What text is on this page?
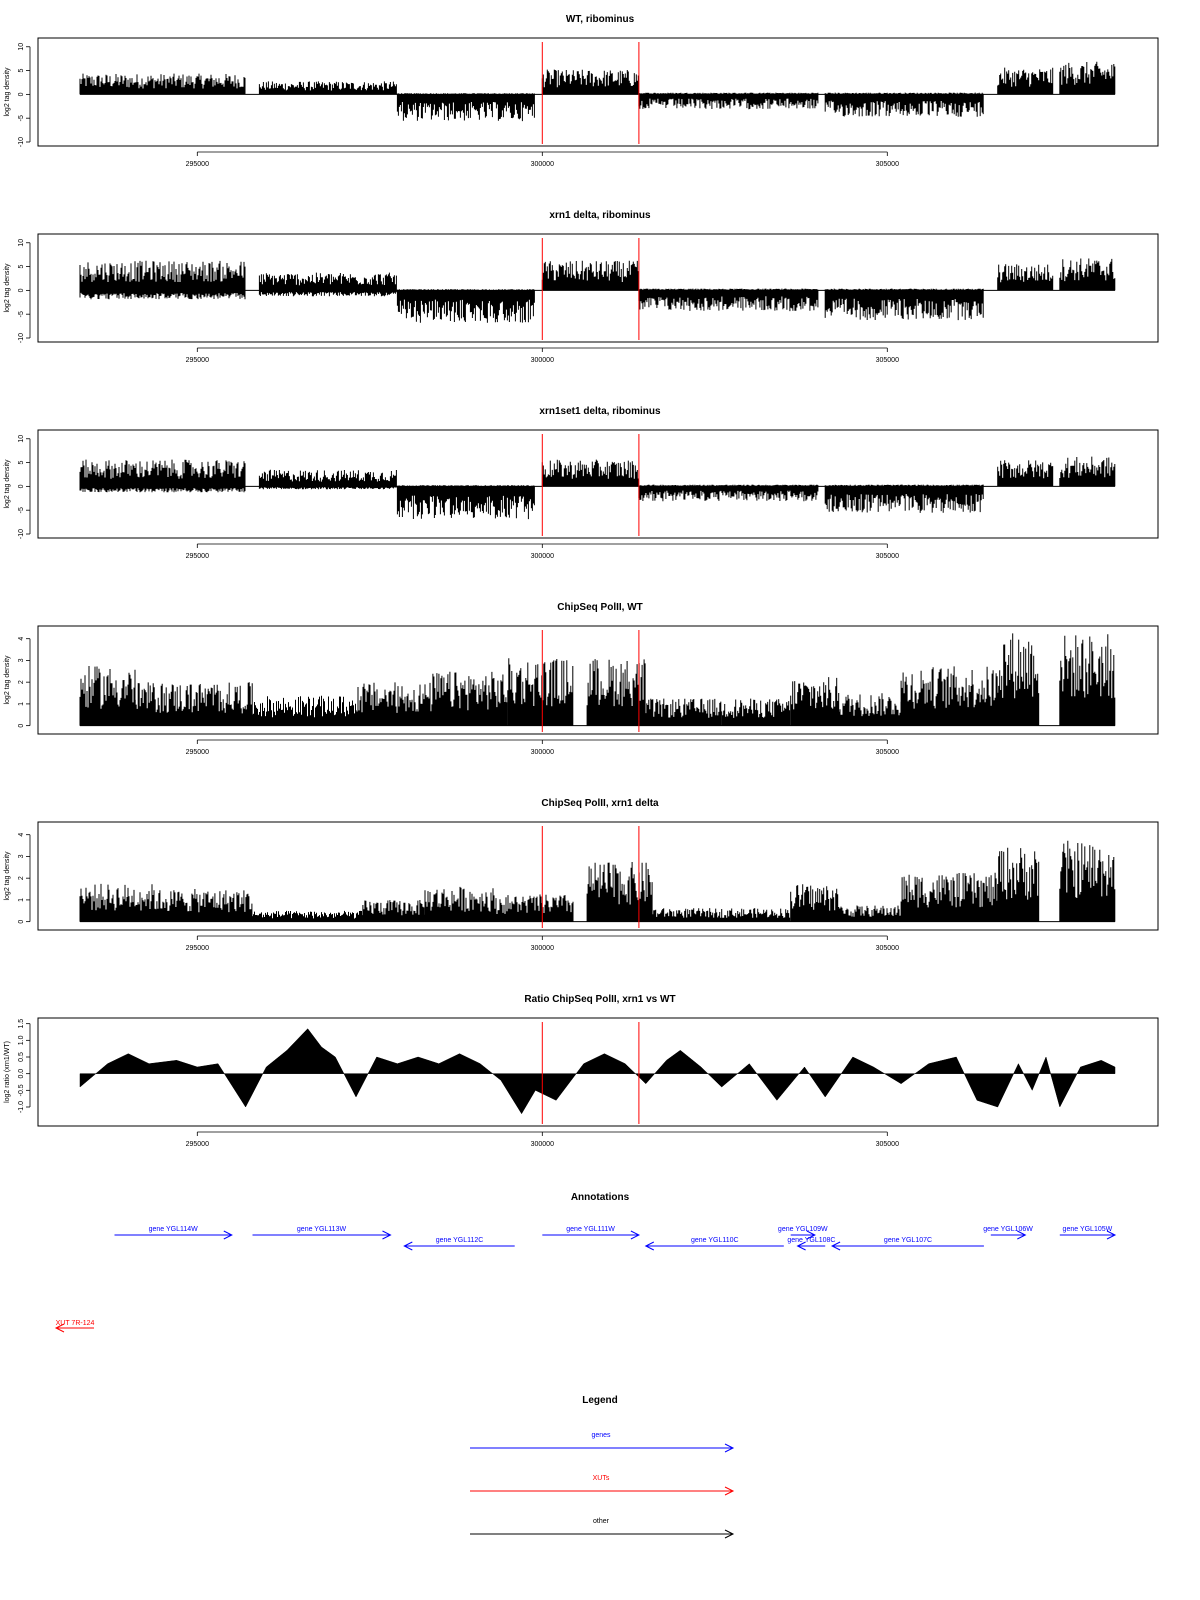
WT, ribominus
-10
-5
0
5
10
log2 tag density
295000	300000	305000
xrn1 delta, ribominus
-10
-5
0
5
10
log2 tag density
295000	300000	305000
xrn1set1 delta, ribominus
-10
-5
0
5
10
log2 tag density
295000	300000	305000
ChipSeq PolII, WT
0
1
2
3
4
log2 tag density
295000	300000	305000
ChipSeq PolII, xrn1 delta
0
1
2
3
4
log2 tag density
295000	300000	305000
Ratio ChipSeq PolII, xrn1 vs WT
-1.0
-0.5
0.0
0.5
1.0
1.5
log2 ratio (xrn1/WT)
295000	300000	305000
Annotations
gene YGL114W	gene YGL113W
gene YGL112C
gene YGL111W
gene YGL110C
gene YGL109W
gene YGL108C	gene YGL107C
gene YGL106W	gene YGL105W
XUT 7R-124
Legend
genes
XUTs
other
